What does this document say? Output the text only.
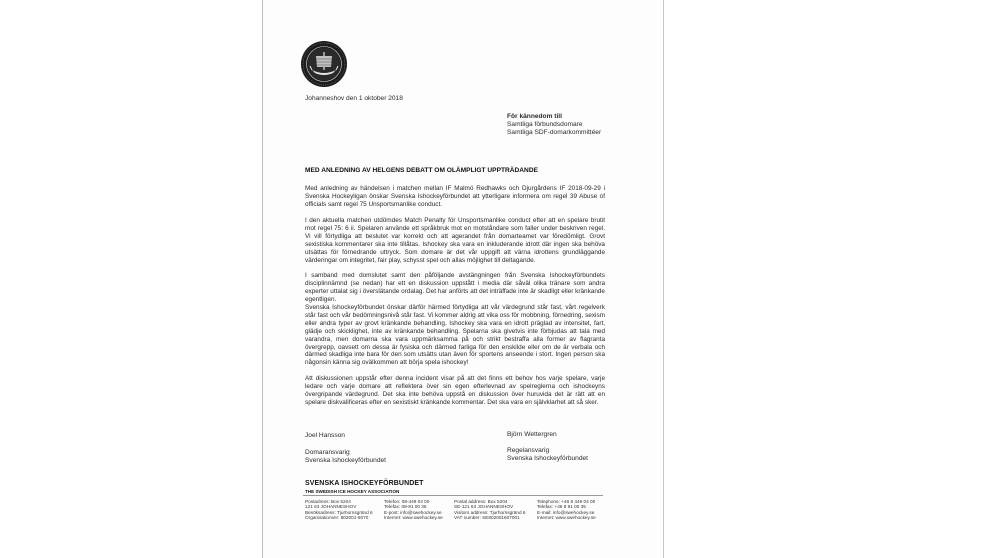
Johanneshov den 1 oktober 2018
För kännedom till
Samtliga förbundsdomare
Samtliga SDF-domarkommittéer
MED ANLEDNING AV HELGENS DEBATT OM OLÄMPLIGT UPPTRÄDANDE
Med anledning av händelsen i matchen mellan IF Malmö Redhawks och Djurgårdens IF 2018-09-29 i Svenska Hockeyligan önskar Svenska Ishockeyförbundet att ytterligare informera om regel 39 Abuse of officials samt regel 75 Unsportsmanlike conduct.
I den aktuella matchen utdömdes Match Penalty för Unsportsmanlike conduct efter att en spelare brutit mot regel 75: 6 ii. Spelaren använde ett språkbruk mot en motståndare som faller under beskriven regel. Vi vill förtydliga att beslutet var korrekt och att agerandet från domarteamet var föredömligt. Grovt sexistiska kommentarer ska inte tillåtas. Ishockey ska vara en inkluderande idrott där ingen ska behöva utsättas för förnedrande uttryck. Som domare är det vår uppgift att värna idrottens grundläggande värderingar om integritet, fair play, schysst spel och allas möjlighet till deltagande.
I samband med domslutet samt den påföljande avstängningen från Svenska Ishockeyförbundets disciplinnämnd (se nedan) har ett en diskussion uppstått i media där såväl olika tränare som andra experter uttalat sig i överslätande ordalag. Det har anförts att det inträffade inte är skadligt eller kränkande egentligen.
Svenska Ishockeyförbundet önskar därför härmed förtydliga att vår värdegrund står fast, vårt regelverk står fast och vår bedömningsnivå står fast. Vi kommer aldrig att vika oss för mobbning, förnedring, sexism eller andra typer av grovt kränkande behandling. Ishockey ska vara en idrott präglad av intensitet, fart, glädje och skicklighet, inte av kränkande behandling. Spelarna ska givetvis inte förbjudas att tala med varandra, men domarna ska vara uppmärksamma på och strikt bestraffa alla former av flagranta övergrepp, oavsett om dessa är fysiska och därmed farliga för den enskilde eller om de är verbala och därmed skadliga inte bara för den som utsätts utan även för sportens anseende i stort. Ingen person ska någonsin känna sig ovälkommen att börja spela ishockey!
Att diskussionen uppstår efter denna incident visar på att det finns ett behov hos varje spelare, varje ledare och varje domare att reflektera över sin egen efterlevnad av spelreglerna och ishockeyns övergripande värdegrund. Det ska inte behöva uppstå en diskussion över huruvida det är rätt att en spelare diskvalificeras efter en sexistiskt kränkande kommentar. Det ska vara en självklarhet att så sker.
Joel Hansson
Domaransvarig
Svenska Ishockeyförbundet
Björn Wettergren
Regelansvarig
Svenska Ishockeyförbundet
SVENSKA ISHOCKEYFÖRBUNDET
THE SWEDISH ICE HOCKEY ASSOCIATION
Postadress: Box 5204
121 63 JOHANNESHOV
Besöksadress: Tjurhornsgränd 6
Organisationsnr: 802001-6070
Telefon: 08-449 04 00
Telefax: 08-91 00 35
E-post: info@swehockey.se
Internet: www.swehockey.se
Postal address: Box 5204
SE-121 63 JOHANNESHOV
Visitors address: Tjurhornsgränd 6
VAT number: SE802001607001
Telephone: +46 8 449 04 00
Telefax: +46 8 91 00 35
E-mail: info@swehockey.se
Internet: www.swehockey.se
